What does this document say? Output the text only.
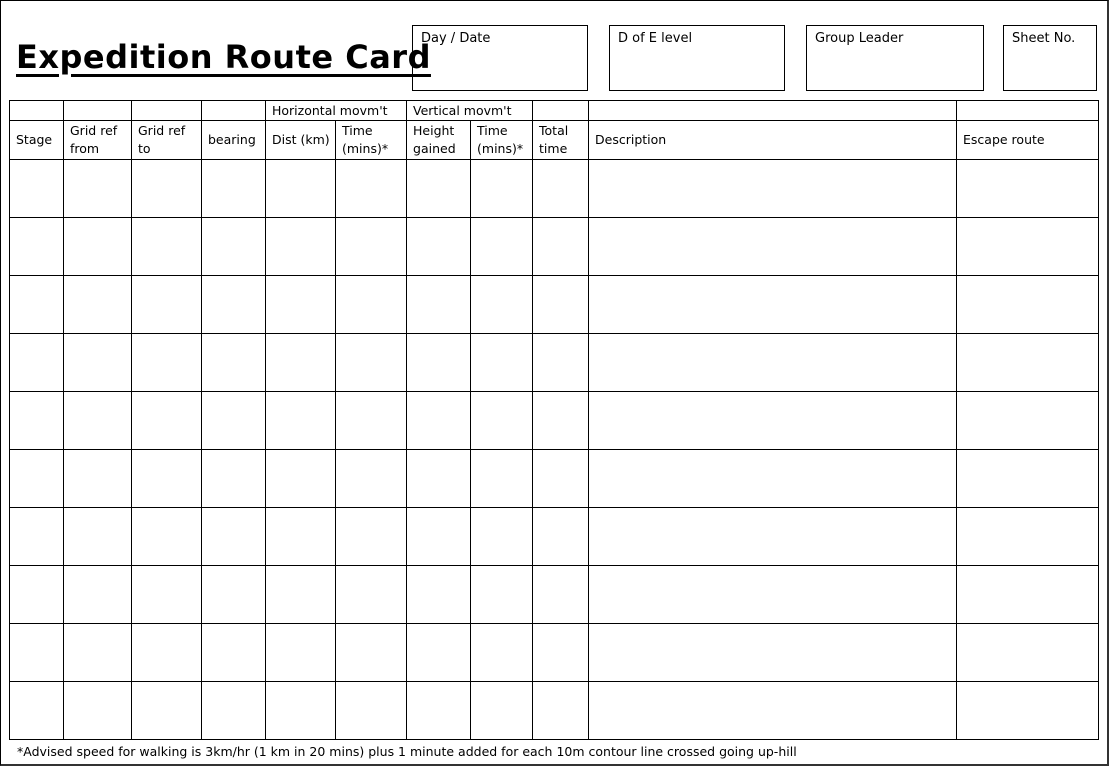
Expedition Route Card
Day / Date	D of E level	Group Leader	Sheet No.
				Horizontal movm't		Vertical movm't				
Stage	Grid ref from	Grid ref to	bearing	Dist (km)	Time (mins)*	Height gained	Time (mins)*	Total time	Description	Escape route

*Advised speed for walking is 3km/hr (1 km in 20 mins) plus 1 minute added for each 10m contour line crossed going up-hill
